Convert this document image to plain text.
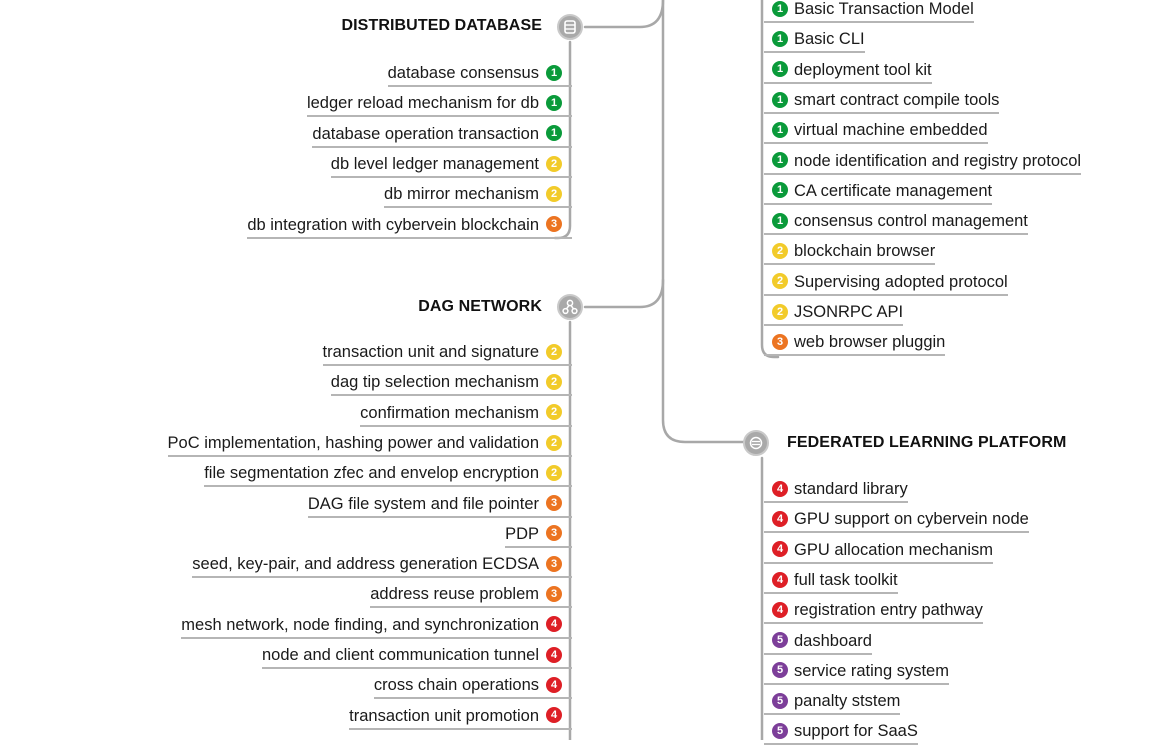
DISTRIBUTED DATABASE
database consensus 1
ledger reload mechanism for db 1
database operation transaction 1
db level ledger management 2
db mirror mechanism 2
db integration with cybervein blockchain 3
DAG NETWORK
transaction unit and signature 2
dag tip selection mechanism 2
confirmation mechanism 2
PoC implementation, hashing power and validation 2
file segmentation zfec and envelop encryption 2
DAG file system and file pointer 3
PDP 3
seed, key-pair, and address generation ECDSA 3
address reuse problem 3
mesh network, node finding, and synchronization 4
node and client communication tunnel 4
cross chain operations 4
transaction unit promotion 4
1 Basic Transaction Model
1 Basic CLI
1 deployment tool kit
1 smart contract compile tools
1 virtual machine embedded
1 node identification and registry protocol
1 CA certificate management
1 consensus control management
2 blockchain browser
2 Supervising adopted protocol
2 JSONRPC API
3 web browser pluggin
FEDERATED LEARNING PLATFORM
4 standard library
4 GPU support on cybervein node
4 GPU allocation mechanism
4 full task toolkit
4 registration entry pathway
5 dashboard
5 service rating system
5 panalty ststem
5 support for SaaS
